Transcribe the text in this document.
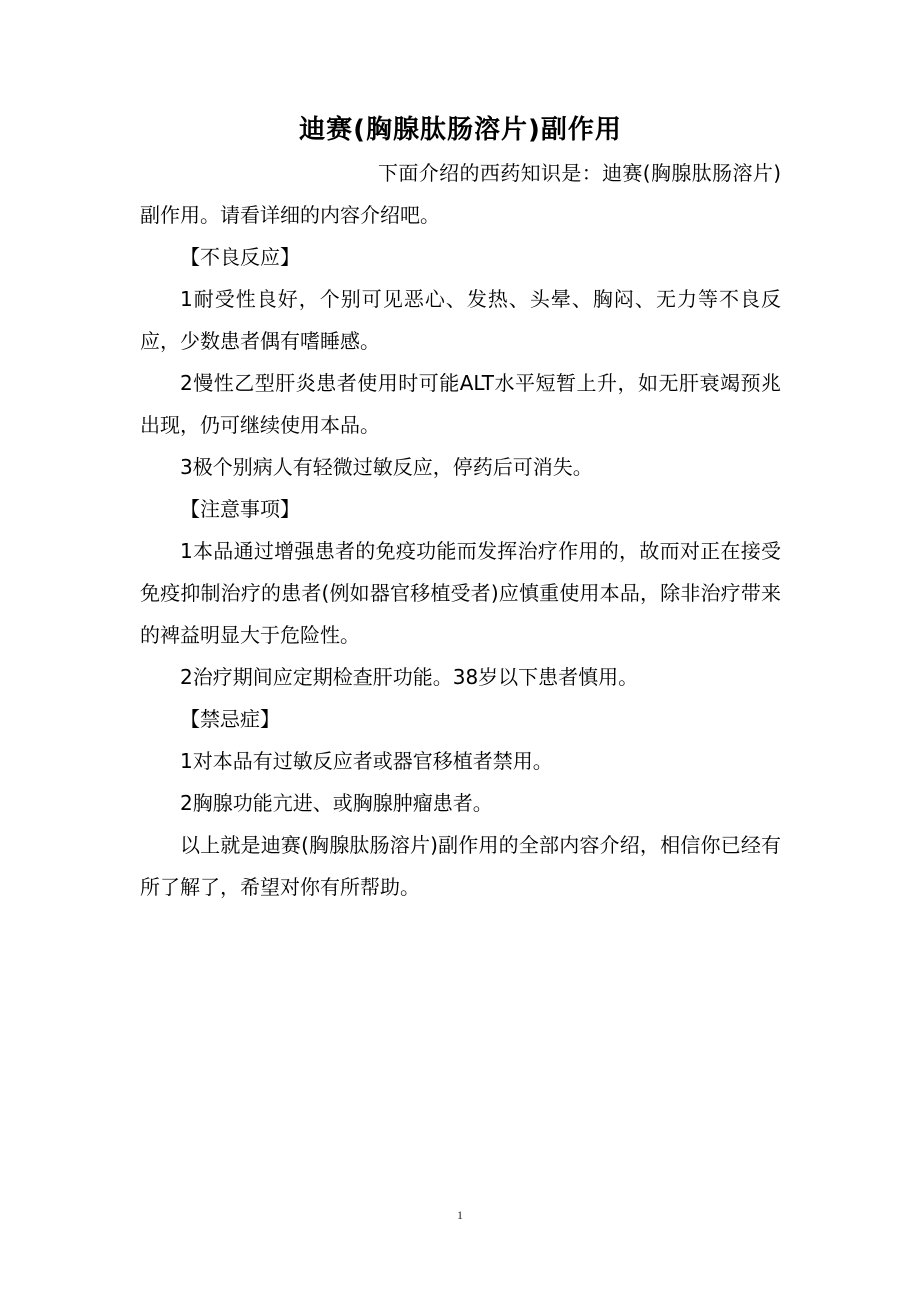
迪赛(胸腺肽肠溶片)副作用

下面介绍的西药知识是：迪赛(胸腺肽肠溶片)副作用。请看详细的内容介绍吧。

【不良反应】

1耐受性良好，个别可见恶心、发热、头晕、胸闷、无力等不良反应，少数患者偶有嗜睡感。

2慢性乙型肝炎患者使用时可能ALT水平短暂上升，如无肝衰竭预兆出现，仍可继续使用本品。

3极个别病人有轻微过敏反应，停药后可消失。

【注意事项】

1本品通过增强患者的免疫功能而发挥治疗作用的，故而对正在接受免疫抑制治疗的患者(例如器官移植受者)应慎重使用本品，除非治疗带来的裨益明显大于危险性。

2治疗期间应定期检查肝功能。38岁以下患者慎用。

【禁忌症】

1对本品有过敏反应者或器官移植者禁用。

2胸腺功能亢进、或胸腺肿瘤患者。

以上就是迪赛(胸腺肽肠溶片)副作用的全部内容介绍，相信你已经有所了解了，希望对你有所帮助。

1
